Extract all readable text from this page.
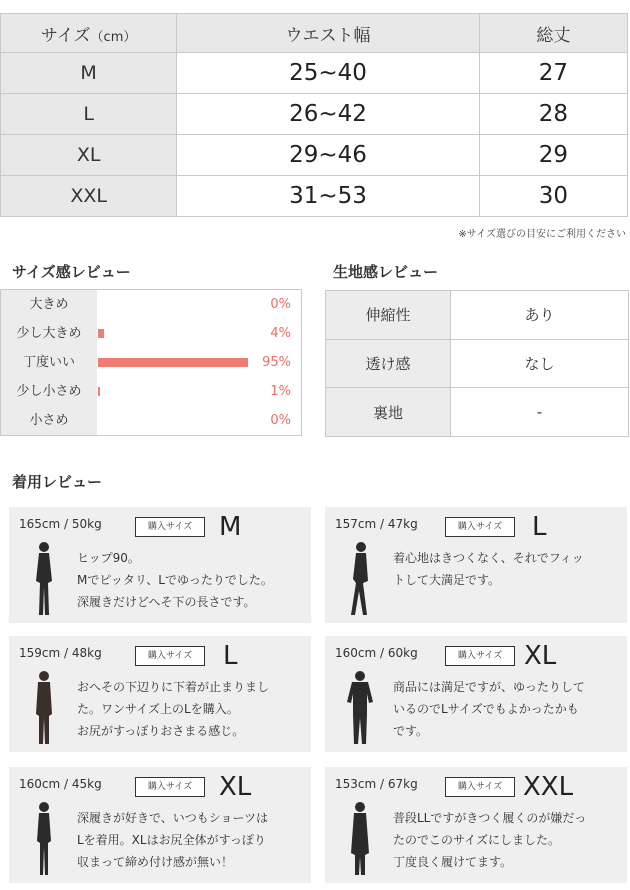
サイズ（cm）	ウエスト幅	総丈
M	25~40	27
L	26~42	28
XL	29~46	29
XXL	31~53	30
※サイズ選びの目安にご利用ください
サイズ感レビュー
大きめ	0%
少し大きめ	4%
丁度いい	95%
少し小さめ	1%
小さめ	0%
生地感レビュー
伸縮性	あり
透け感	なし
裏地	-
着用レビュー
165cm / 50kg	購入サイズ	M
ヒップ90。
Mでピッタリ、Lでゆったりでした。
深履きだけどへそ下の長さです。
157cm / 47kg	購入サイズ	L
着心地はきつくなく、それでフィッ
トして大満足です。
159cm / 48kg	購入サイズ	L
おへその下辺りに下着が止まりまし
た。ワンサイズ上のLを購入。
お尻がすっぽりおさまる感じ。
160cm / 60kg	購入サイズ XL
商品には満足ですが、ゆったりして
いるのでLサイズでもよかったかも
です。
160cm / 45kg	購入サイズ	XL
深履きが好きで、いつもショーツは
Lを着用。XLはお尻全体がすっぽり
収まって締め付け感が無い！
153cm / 67kg	購入サイズ XXL
普段LLですがきつく履くのが嫌だっ
たのでこのサイズにしました。
丁度良く履けてます。
